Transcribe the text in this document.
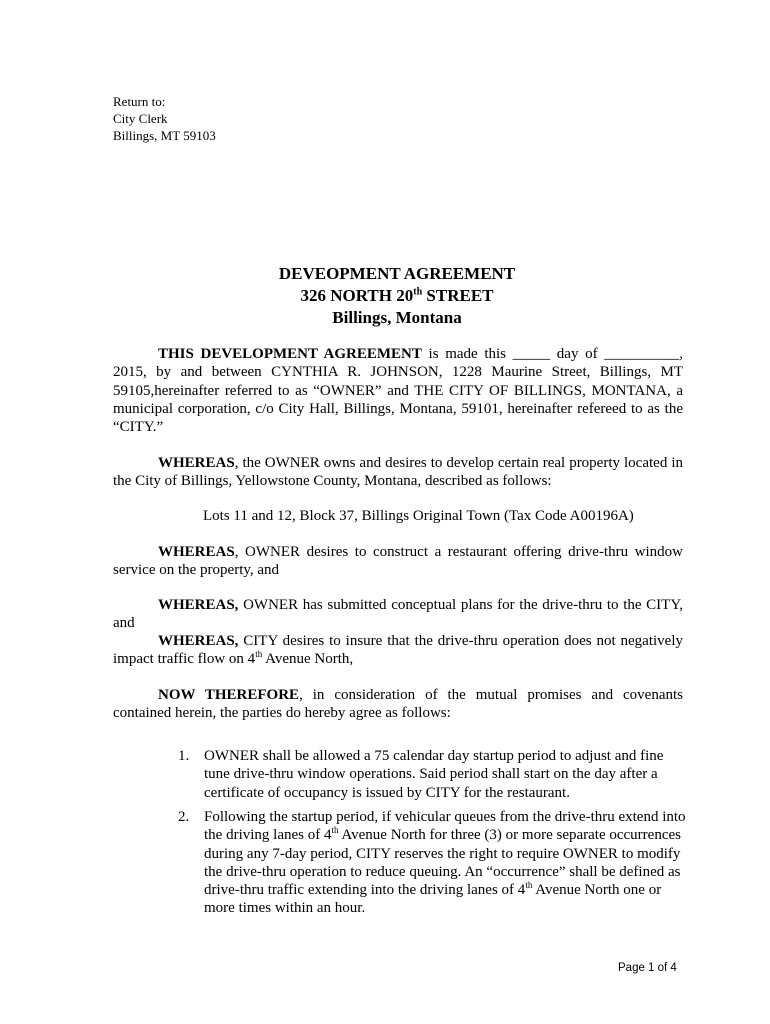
Return to:
City Clerk
Billings, MT 59103
DEVEOPMENT AGREEMENT
326 NORTH 20th STREET
Billings, Montana
THIS DEVELOPMENT AGREEMENT is made this _____ day of __________, 2015, by and between CYNTHIA R. JOHNSON, 1228 Maurine Street, Billings, MT 59105,hereinafter referred to as “OWNER” and THE CITY OF BILLINGS, MONTANA, a municipal corporation, c/o City Hall, Billings, Montana, 59101, hereinafter refereed to as the “CITY.”
WHEREAS, the OWNER owns and desires to develop certain real property located in the City of Billings, Yellowstone County, Montana, described as follows:
Lots 11 and 12, Block 37, Billings Original Town (Tax Code A00196A)
WHEREAS, OWNER desires to construct a restaurant offering drive-thru window service on the property, and
WHEREAS, OWNER has submitted conceptual plans for the drive-thru to the CITY, and
WHEREAS, CITY desires to insure that the drive-thru operation does not negatively impact traffic flow on 4th Avenue North,
NOW THEREFORE, in consideration of the mutual promises and covenants contained herein, the parties do hereby agree as follows:
1. OWNER shall be allowed a 75 calendar day startup period to adjust and fine tune drive-thru window operations. Said period shall start on the day after a certificate of occupancy is issued by CITY for the restaurant.
2. Following the startup period, if vehicular queues from the drive-thru extend into the driving lanes of 4th Avenue North for three (3) or more separate occurrences during any 7-day period, CITY reserves the right to require OWNER to modify the drive-thru operation to reduce queuing. An “occurrence” shall be defined as drive-thru traffic extending into the driving lanes of 4th Avenue North one or more times within an hour.
Page 1 of 4
